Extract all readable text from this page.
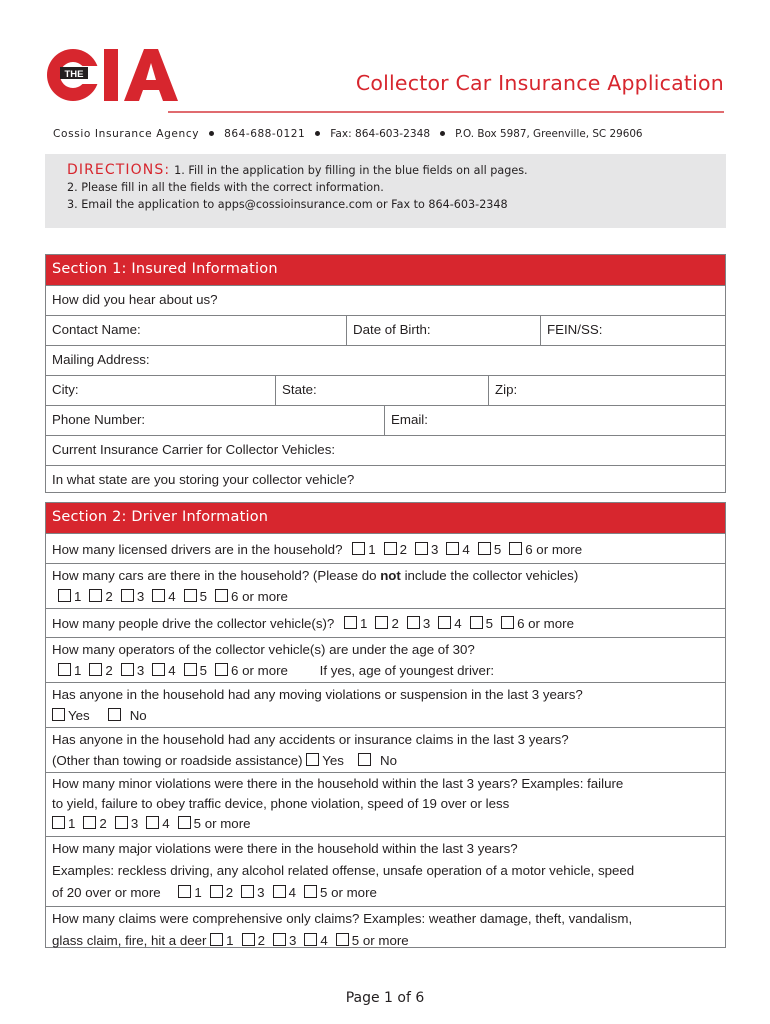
THE	Collector Car Insurance Application
Cossio Insurance Agency 864-688-0121 Fax: 864-603-2348 P.O. Box 5987, Greenville, SC 29606
DIRECTIONS: 1. Fill in the application by filling in the blue fields on all pages.
2. Please fill in all the fields with the correct information.
3. Email the application to apps@cossioinsurance.com or Fax to 864-603-2348
Section 1: Insured Information
How did you hear about us?
Contact Name:	Date of Birth:	FEIN/SS:
Mailing Address:
City:	State:	Zip:
Phone Number:	Email:
Current Insurance Carrier for Collector Vehicles:
In what state are you storing your collector vehicle?
Section 2: Driver Information
How many licensed drivers are in the household? 1 2 3 4 5 6 or more
How many cars are there in the household? (Please do not include the collector vehicles)
1 2 3 4 5 6 or more
How many people drive the collector vehicle(s)? 1 2 3 4 5 6 or more
How many operators of the collector vehicle(s) are under the age of 30?
1 2 3 4 5 6 or more If yes, age of youngest driver:
Has anyone in the household had any moving violations or suspension in the last 3 years?
Yes	No
Has anyone in the household had any accidents or insurance claims in the last 3 years?
(Other than towing or roadside assistance) Yes	No
How many minor violations were there in the household within the last 3 years? Examples: failure
to yield, failure to obey traffic device, phone violation, speed of 19 over or less
1 2 3 4 5 or more
How many major violations were there in the household within the last 3 years?
Examples: reckless driving, any alcohol related offense, unsafe operation of a motor vehicle, speed
of 20 over or more	1 2 3 4 5 or more
How many claims were comprehensive only claims? Examples: weather damage, theft, vandalism,
glass claim, fire, hit a deer 1 2 3 4 5 or more
Page 1 of 6
